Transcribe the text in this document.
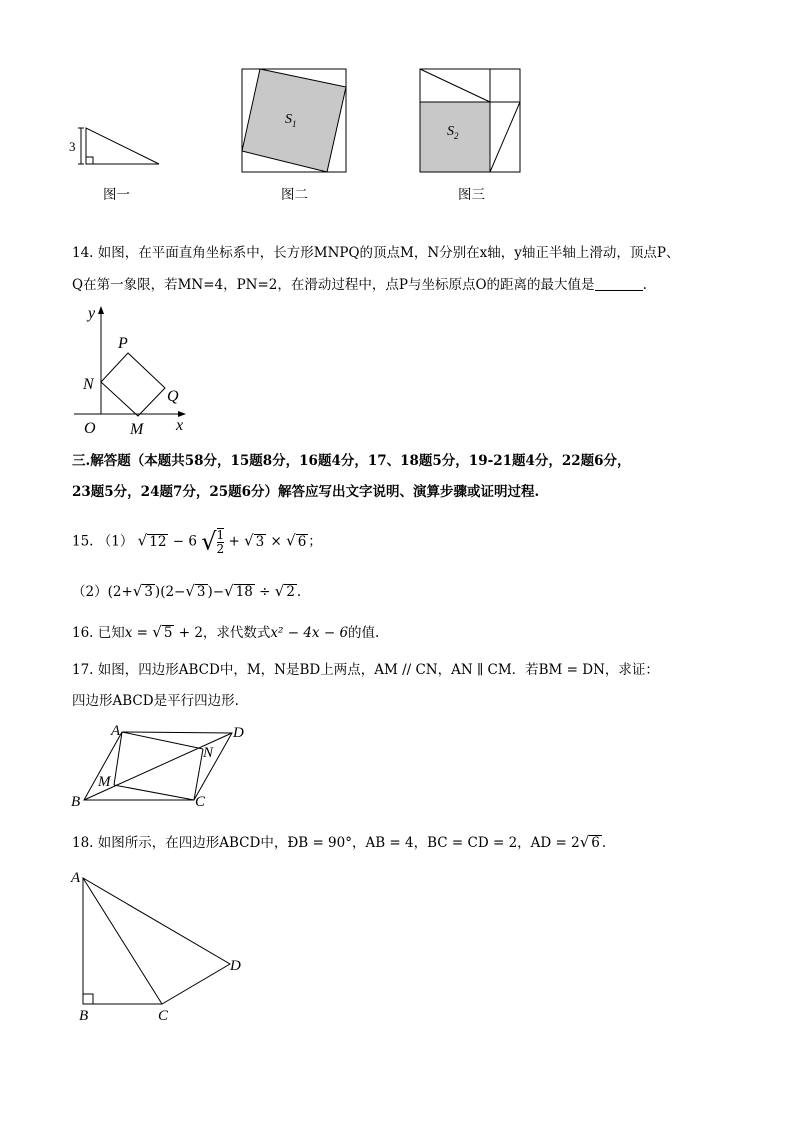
3
图一
$S_1$
图二
$S_2$
图三
14. 如图，在平面直角坐标系中，长方形MNPQ的顶点M，N分别在x轴，y轴正半轴上滑动，顶点P、
Q在第一象限，若MN=4，PN=2，在滑动过程中，点P与坐标原点O的距离的最大值是	.
y
x
O M
N
P
Q
三.解答题（本题共58分，15题8分，16题4分，17、18题5分，19-21题4分，22题6分，
23题5分，24题7分，25题6分）解答应写出文字说明、演算步骤或证明过程.
15. （1） √ 12 − 6 √ $\frac{1}{2}$ + √ 3 × √ 6 ；
（2）(2+√ 3 )(2−√ 3 )−√ 18 ÷ √ 2 .
16. 已知x = √ 5 + 2，求代数式x² − 4x − 6的值.
17. 如图，四边形ABCD中，M，N是BD上两点，AM // CN，AN ∥ CM．若BM = DN，求证：
四边形ABCD是平行四边形.
A	D
N
M
B	C
18. 如图所示，在四边形ABCD中，ÐB = 90°，AB = 4，BC = CD = 2，AD = 2√ 6 .
A
B	C
D
